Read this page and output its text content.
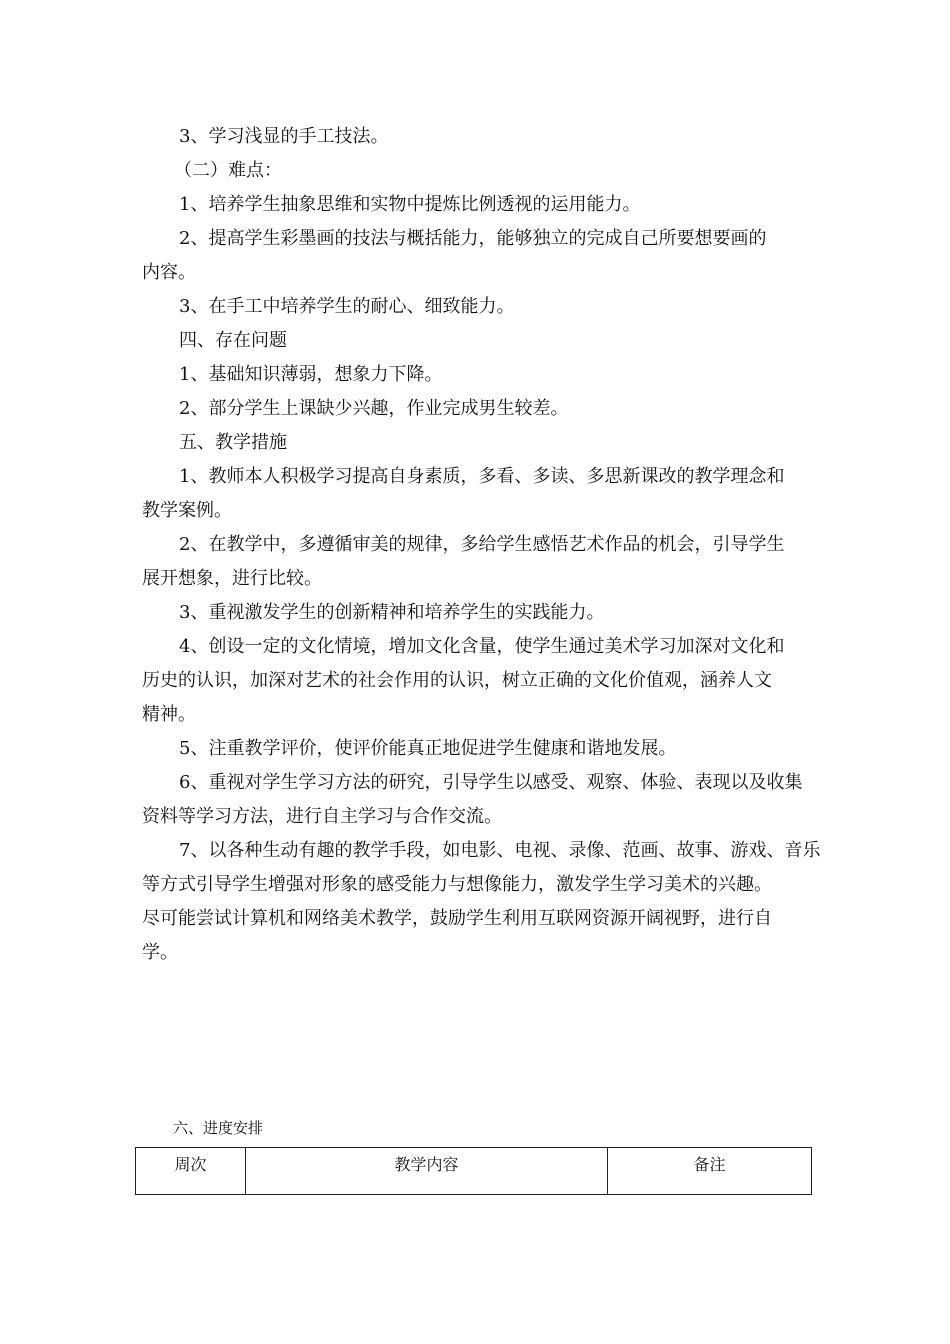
3、学习浅显的手工技法。
（二）难点：
1、培养学生抽象思维和实物中提炼比例透视的运用能力。
2、提高学生彩墨画的技法与概括能力，能够独立的完成自己所要想要画的
内容。
3、在手工中培养学生的耐心、细致能力。
四、存在问题
1、基础知识薄弱，想象力下降。
2、部分学生上课缺少兴趣，作业完成男生较差。
五、教学措施
1、教师本人积极学习提高自身素质，多看、多读、多思新课改的教学理念和
教学案例。
2、在教学中，多遵循审美的规律，多给学生感悟艺术作品的机会，引导学生
展开想象，进行比较。
3、重视激发学生的创新精神和培养学生的实践能力。
4、创设一定的文化情境，增加文化含量，使学生通过美术学习加深对文化和
历史的认识，加深对艺术的社会作用的认识，树立正确的文化价值观，涵养人文
精神。
5、注重教学评价，使评价能真正地促进学生健康和谐地发展。
6、重视对学生学习方法的研究，引导学生以感受、观察、体验、表现以及收集
资料等学习方法，进行自主学习与合作交流。
7、以各种生动有趣的教学手段，如电影、电视、录像、范画、故事、游戏、音乐
等方式引导学生增强对形象的感受能力与想像能力，激发学生学习美术的兴趣。
尽可能尝试计算机和网络美术教学，鼓励学生利用互联网资源开阔视野，进行自
学。
六、进度安排
周次	教学内容	备注
